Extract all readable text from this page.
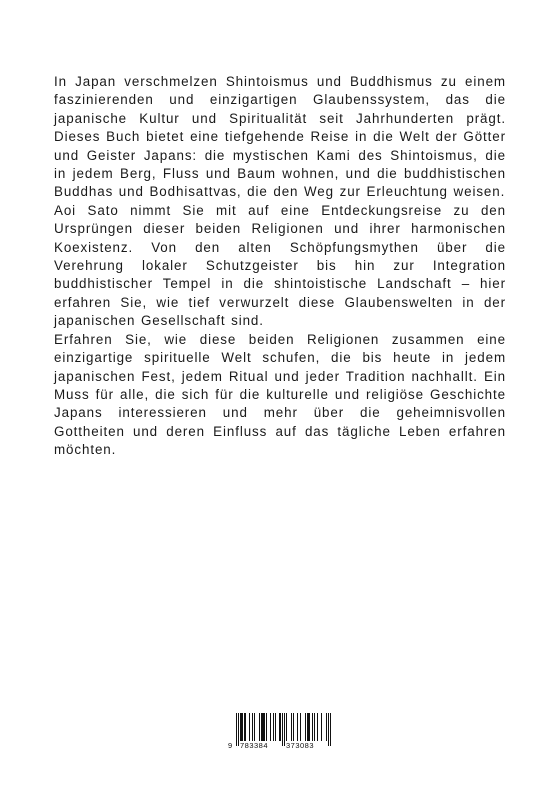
In Japan verschmelzen Shintoismus und Buddhismus zu einem faszinierenden und einzigartigen Glaubenssystem, das die japanische Kultur und Spiritualität seit Jahrhunderten prägt. Dieses Buch bietet eine tiefgehende Reise in die Welt der Götter und Geister Japans: die mystischen Kami des Shintoismus, die in jedem Berg, Fluss und Baum wohnen, und die buddhistischen Buddhas und Bodhisattvas, die den Weg zur Erleuchtung weisen.

Aoi Sato nimmt Sie mit auf eine Entdeckungsreise zu den Ursprüngen dieser beiden Religionen und ihrer harmonischen Koexistenz. Von den alten Schöpfungsmythen über die Verehrung lokaler Schutzgeister bis hin zur Integration buddhistischer Tempel in die shintoistische Landschaft – hier erfahren Sie, wie tief verwurzelt diese Glaubenswelten in der japanischen Gesellschaft sind.

Erfahren Sie, wie diese beiden Religionen zusammen eine einzigartige spirituelle Welt schufen, die bis heute in jedem japanischen Fest, jedem Ritual und jeder Tradition nachhallt. Ein Muss für alle, die sich für die kulturelle und religiöse Geschichte Japans interessieren und mehr über die geheimnisvollen Gottheiten und deren Einfluss auf das tägliche Leben erfahren möchten.

9 783384 373083
